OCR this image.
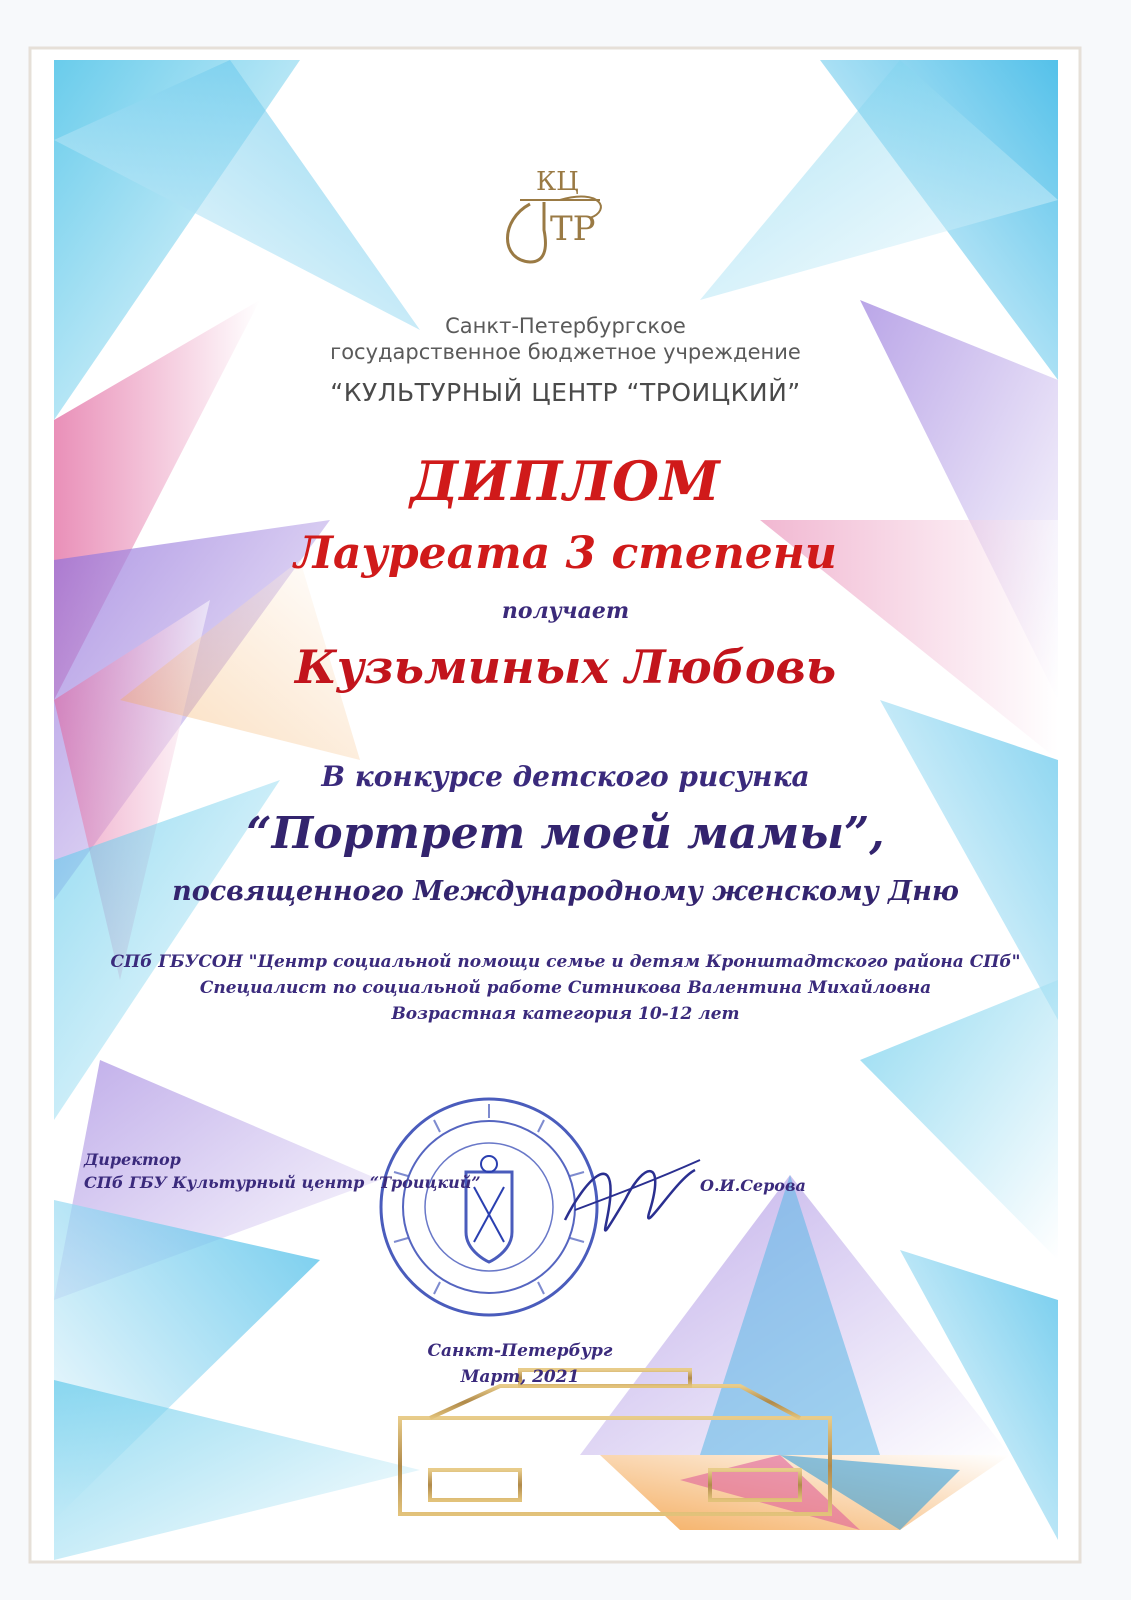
КЦ
ТР
Санкт-Петербургское
государственное бюджетное учреждение
“КУЛЬТУРНЫЙ ЦЕНТР “ТРОИЦКИЙ”
ДИПЛОМ
Лауреата 3 степени
получает
Кузьминых Любовь
В конкурсе детского рисунка
“Портрет моей мамы”,
посвященного Международному женскому Дню
СПб ГБУСОН "Центр социальной помощи семье и детям Кронштадтского района СПб"
Специалист по социальной работе Ситникова Валентина Михайловна
Возрастная категория 10-12 лет
Директор
СПб ГБУ Культурный центр “Троицкий”	О.И.Серова
Санкт-Петербург
Март, 2021
